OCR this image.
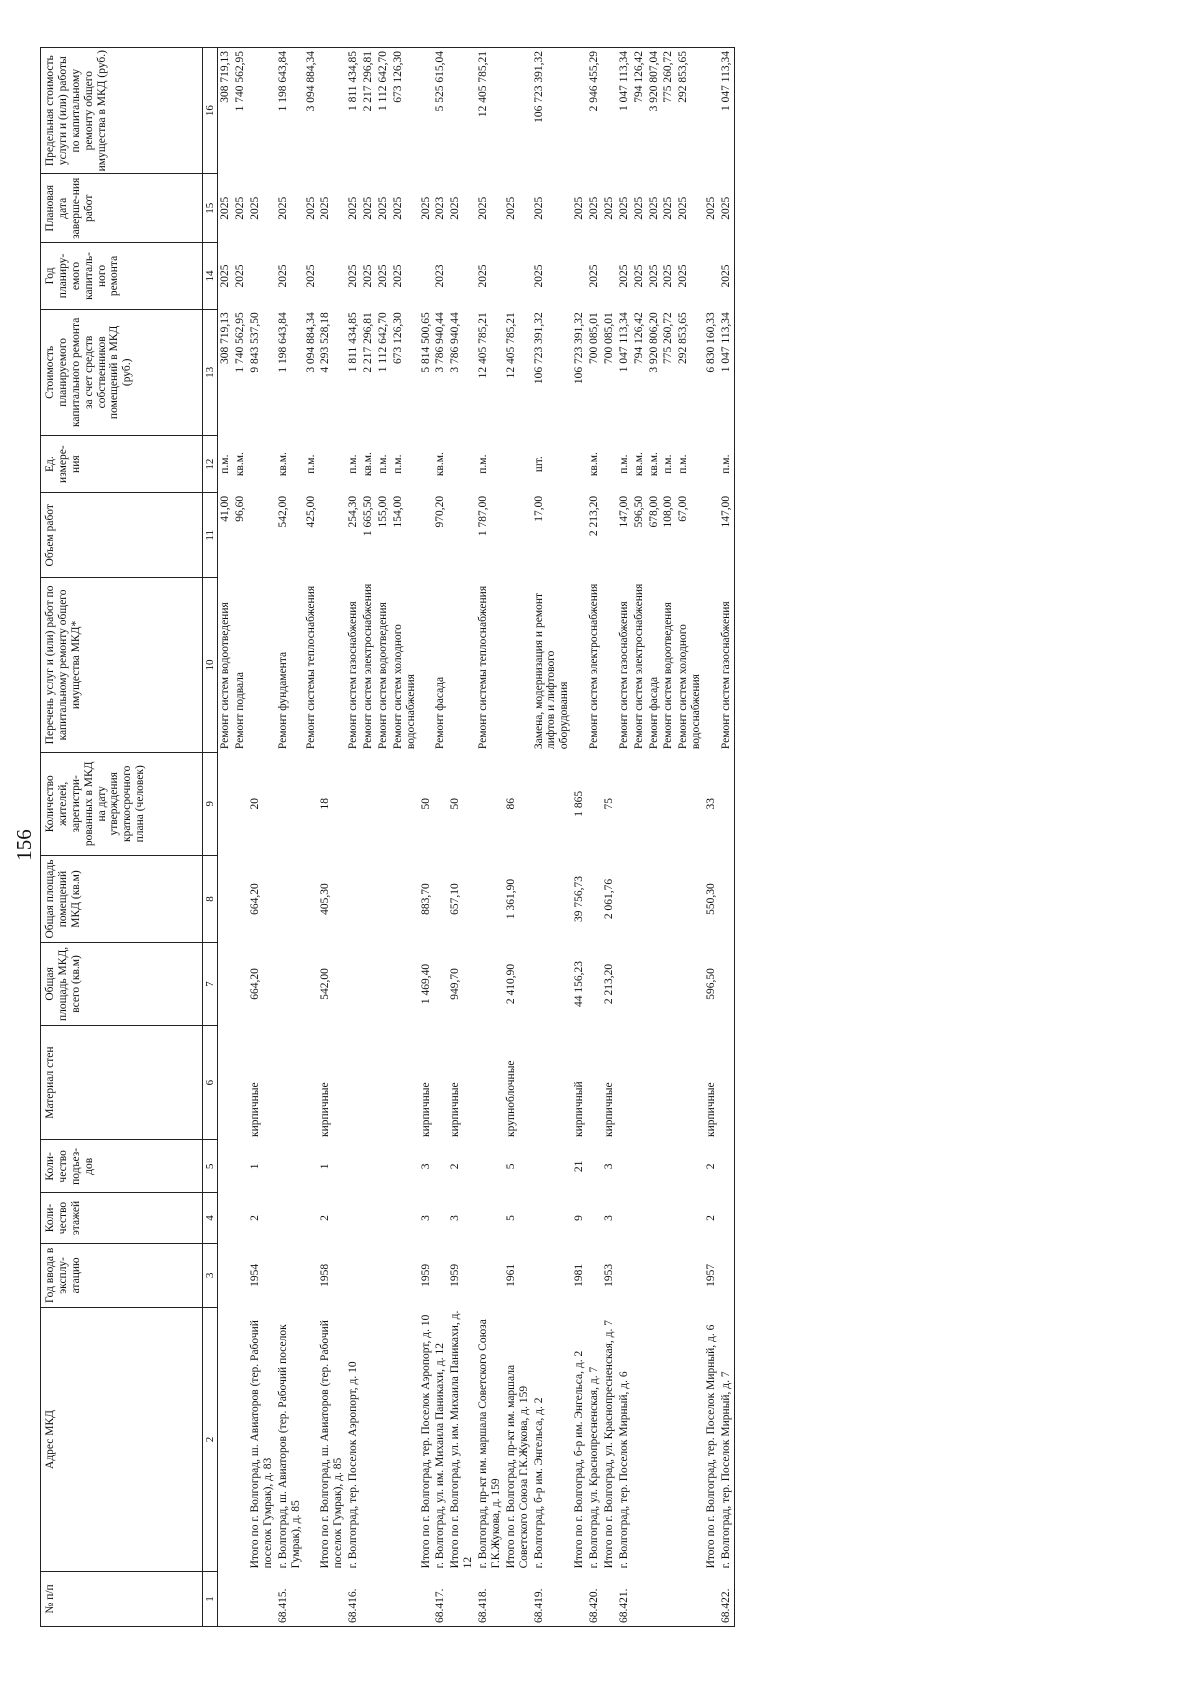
156
№ п/п	Адрес МКД	Год ввода в эксплу-атацию	Коли-чество этажей	Коли-чество подъез-дов	Материал стен	Общая площадь МКД, всего (кв.м)	Общая площадь помещений МКД (кв.м)	Количество жителей, зарегистри-рованных в МКД на дату утверждения краткосрочного плана (человек)	Перечень услуг и (или) работ по капитальному ремонту общего имущества МКД*	Объем работ	Ед. измере-ния	Стоимость планируемого капитального ремонта за счет средств собственников помещений в МКД (руб.)	Год планиру-емого капиталь-ного ремонта	Плановая дата заверше-ния работ	Предельная стоимость услуги и (или) работы по капитальному ремонту общего имущества в МКД (руб.)
1	2	3	4	5	6	7	8	9	10	11	12	13	14	15	16
									Ремонт систем водоотведения	41,00	п.м.	308 719,13	2025	2025	308 719,13
									Ремонт подвала	96,60	кв.м.	1 740 562,95	2025	2025	1 740 562,95
	Итого по г. Волгоград, ш. Авиаторов (тер. Рабочий поселок Гумрак), д. 83	1954	2	1	кирпичные	664,20	664,20	20				9 843 537,50		2025	
68.415.	г. Волгоград, ш. Авиаторов (тер. Рабочий поселок Гумрак), д. 85								Ремонт фундамента	542,00	кв.м.	1 198 643,84	2025	2025	1 198 643,84
									Ремонт системы теплоснабжения	425,00	п.м.	3 094 884,34	2025	2025	3 094 884,34
	Итого по г. Волгоград, ш. Авиаторов (тер. Рабочий поселок Гумрак), д. 85	1958	2	1	кирпичные	542,00	405,30	18				4 293 528,18		2025	
68.416.	г. Волгоград, тер. Поселок Аэропорт, д. 10								Ремонт систем газоснабжения	254,30	п.м.	1 811 434,85	2025	2025	1 811 434,85
									Ремонт систем электроснабжения	1 665,50	кв.м.	2 217 296,81	2025	2025	2 217 296,81
									Ремонт систем водоотведения	155,00	п.м.	1 112 642,70	2025	2025	1 112 642,70
									Ремонт систем холодного водоснабжения	154,00	п.м.	673 126,30	2025	2025	673 126,30
	Итого по г. Волгоград, тер. Поселок Аэропорт, д. 10	1959	3	3	кирпичные	1 469,40	883,70	50				5 814 500,65		2025	
68.417.	г. Волгоград, ул. им. Михаила Паникахи, д. 12								Ремонт фасада	970,20	кв.м.	3 786 940,44	2023	2023	5 525 615,04
	Итого по г. Волгоград, ул. им. Михаила Паникахи, д. 12	1959	3	2	кирпичные	949,70	657,10	50				3 786 940,44		2025	
68.418.	г. Волгоград, пр-кт им. маршала Советского Союза Г.К.Жукова, д. 159								Ремонт системы теплоснабжения	1 787,00	п.м.	12 405 785,21	2025	2025	12 405 785,21
	Итого по г. Волгоград, пр-кт им. маршала Советского Союза Г.К.Жукова, д. 159	1961	5	5	крупноблочные	2 410,90	1 361,90	86				12 405 785,21		2025	
68.419.	г. Волгоград, б-р им. Энгельса, д. 2								Замена, модернизация и ремонт лифтов и лифтового оборудования	17,00	шт.	106 723 391,32	2025	2025	106 723 391,32
	Итого по г. Волгоград, б-р им. Энгельса, д. 2	1981	9	21	кирпичный	44 156,23	39 756,73	1 865				106 723 391,32		2025	
68.420.	г. Волгоград, ул. Краснопресненская, д. 7								Ремонт систем электроснабжения	2 213,20	кв.м.	700 085,01	2025	2025	2 946 455,29
	Итого по г. Волгоград, ул. Краснопресненская, д. 7	1953	3	3	кирпичные	2 213,20	2 061,76	75				700 085,01		2025	
68.421.	г. Волгоград, тер. Поселок Мирный, д. 6								Ремонт систем газоснабжения	147,00	п.м.	1 047 113,34	2025	2025	1 047 113,34
									Ремонт систем электроснабжения	596,50	кв.м.	794 126,42	2025	2025	794 126,42
									Ремонт фасада	678,00	кв.м.	3 920 806,20	2025	2025	3 920 807,04
									Ремонт систем водоотведения	108,00	п.м.	775 260,72	2025	2025	775 260,72
									Ремонт систем холодного водоснабжения	67,00	п.м.	292 853,65	2025	2025	292 853,65
	Итого по г. Волгоград, тер. Поселок Мирный, д. 6	1957	2	2	кирпичные	596,50	550,30	33				6 830 160,33		2025	
68.422.	г. Волгоград, тер. Поселок Мирный, д. 7								Ремонт систем газоснабжения	147,00	п.м.	1 047 113,34	2025	2025	1 047 113,34
